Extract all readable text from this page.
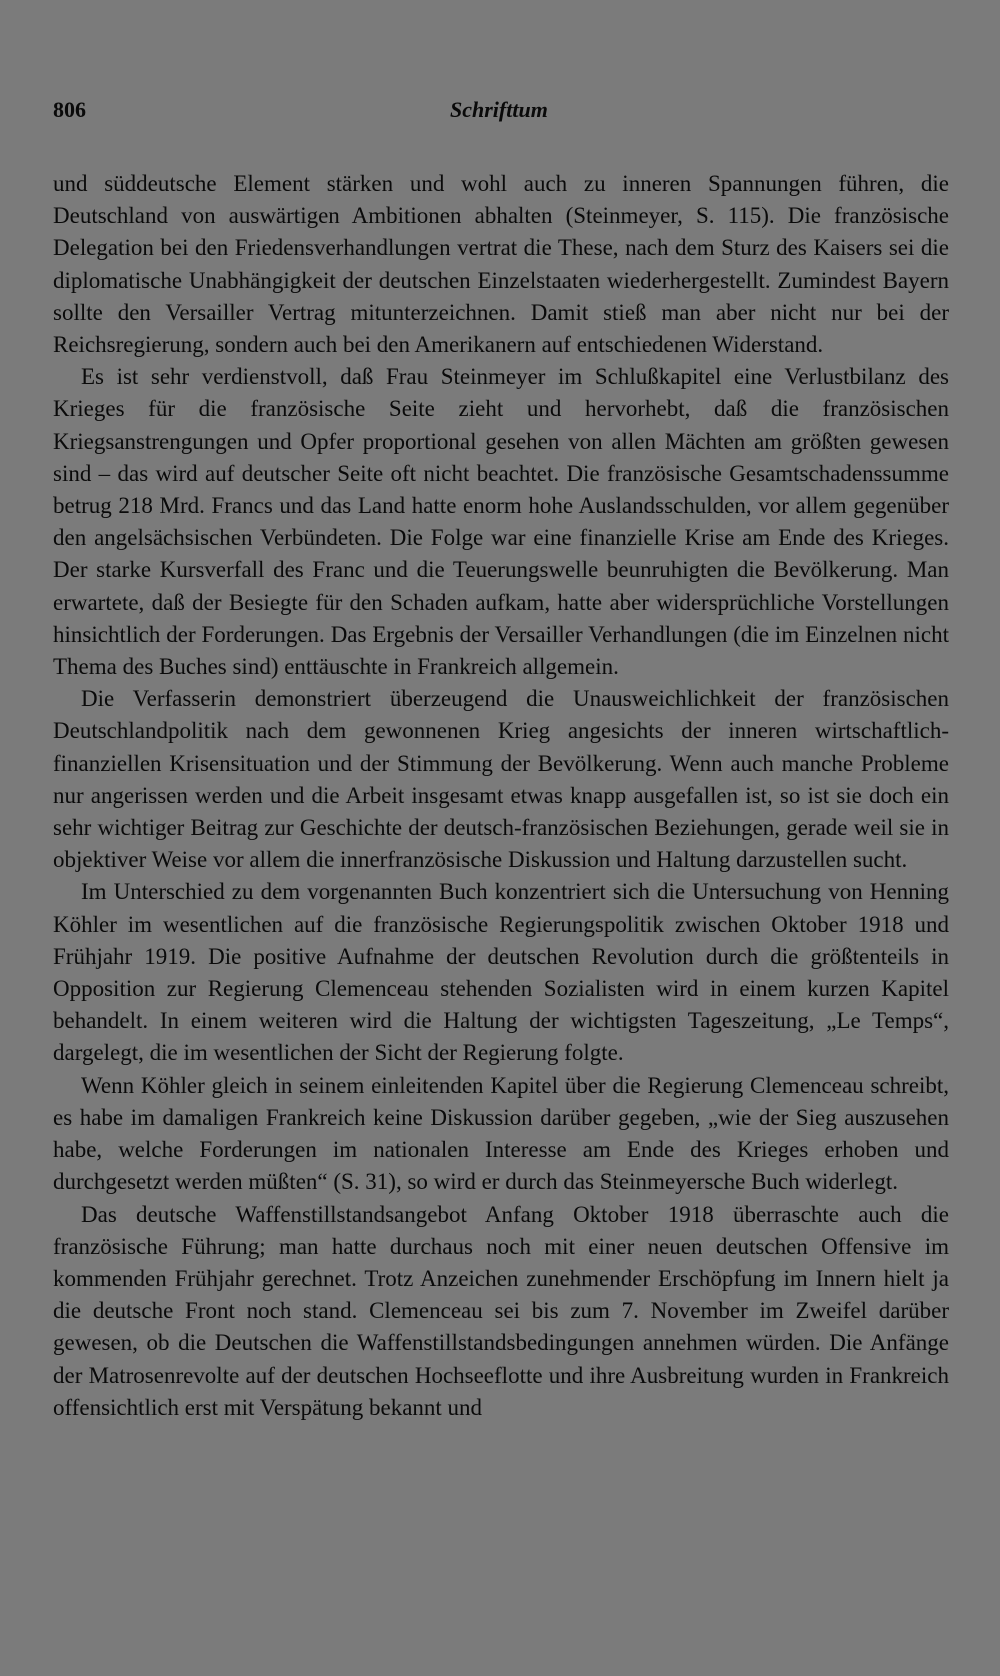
806	Schrifttum

und süddeutsche Element stärken und wohl auch zu inneren Spannungen führen, die Deutschland von auswärtigen Ambitionen abhalten (Steinmeyer, S. 115). Die französische Delegation bei den Friedensverhandlungen vertrat die These, nach dem Sturz des Kaisers sei die diplomatische Unabhängigkeit der deutschen Einzelstaaten wiederhergestellt. Zumindest Bayern sollte den Versailler Vertrag mitunterzeichnen. Damit stieß man aber nicht nur bei der Reichsregierung, sondern auch bei den Amerikanern auf entschiedenen Widerstand.

Es ist sehr verdienstvoll, daß Frau Steinmeyer im Schlußkapitel eine Verlustbilanz des Krieges für die französische Seite zieht und hervorhebt, daß die französischen Kriegsanstrengungen und Opfer proportional gesehen von allen Mächten am größten gewesen sind – das wird auf deutscher Seite oft nicht beachtet. Die französische Gesamtschadenssumme betrug 218 Mrd. Francs und das Land hatte enorm hohe Auslandsschulden, vor allem gegenüber den angelsächsischen Verbündeten. Die Folge war eine finanzielle Krise am Ende des Krieges. Der starke Kursverfall des Franc und die Teuerungswelle beunruhigten die Bevölkerung. Man erwartete, daß der Besiegte für den Schaden aufkam, hatte aber widersprüchliche Vorstellungen hinsichtlich der Forderungen. Das Ergebnis der Versailler Verhandlungen (die im Einzelnen nicht Thema des Buches sind) enttäuschte in Frankreich allgemein.

Die Verfasserin demonstriert überzeugend die Unausweichlichkeit der französischen Deutschlandpolitik nach dem gewonnenen Krieg angesichts der inneren wirtschaftlichfinanziellen Krisensituation und der Stimmung der Bevölkerung. Wenn auch manche Probleme nur angerissen werden und die Arbeit insgesamt etwas knapp ausgefallen ist, so ist sie doch ein sehr wichtiger Beitrag zur Geschichte der deutsch-französischen Beziehungen, gerade weil sie in objektiver Weise vor allem die innerfranzösische Diskussion und Haltung darzustellen sucht.

Im Unterschied zu dem vorgenannten Buch konzentriert sich die Untersuchung von Henning Köhler im wesentlichen auf die französische Regierungspolitik zwischen Oktober 1918 und Frühjahr 1919. Die positive Aufnahme der deutschen Revolution durch die größtenteils in Opposition zur Regierung Clemenceau stehenden Sozialisten wird in einem kurzen Kapitel behandelt. In einem weiteren wird die Haltung der wichtigsten Tageszeitung, „Le Temps“, dargelegt, die im wesentlichen der Sicht der Regierung folgte.

Wenn Köhler gleich in seinem einleitenden Kapitel über die Regierung Clemenceau schreibt, es habe im damaligen Frankreich keine Diskussion darüber gegeben, „wie der Sieg auszusehen habe, welche Forderungen im nationalen Interesse am Ende des Krieges erhoben und durchgesetzt werden müßten“ (S. 31), so wird er durch das Steinmeyersche Buch widerlegt.

Das deutsche Waffenstillstandsangebot Anfang Oktober 1918 überraschte auch die französische Führung; man hatte durchaus noch mit einer neuen deutschen Offensive im kommenden Frühjahr gerechnet. Trotz Anzeichen zunehmender Erschöpfung im Innern hielt ja die deutsche Front noch stand. Clemenceau sei bis zum 7. November im Zweifel darüber gewesen, ob die Deutschen die Waffenstillstandsbedingungen annehmen würden. Die Anfänge der Matrosenrevolte auf der deutschen Hochseeflotte und ihre Ausbreitung wurden in Frankreich offensichtlich erst mit Verspätung bekannt und
